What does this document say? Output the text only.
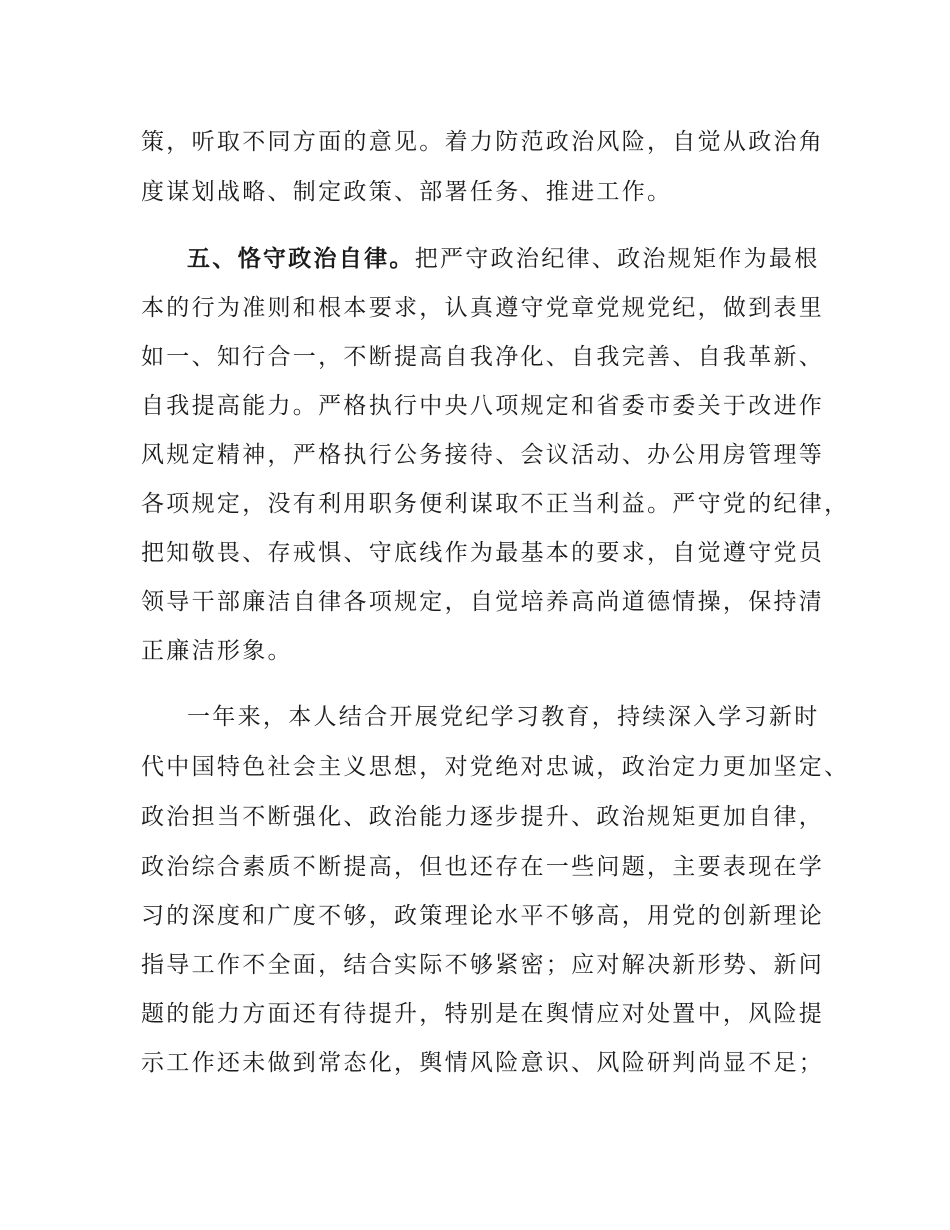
策，听取不同方面的意见。着力防范政治风险，自觉从政治角
度谋划战略、制定政策、部署任务、推进工作。
五、恪守政治自律。把严守政治纪律、政治规矩作为最根
本的行为准则和根本要求，认真遵守党章党规党纪，做到表里
如一、知行合一，不断提高自我净化、自我完善、自我革新、
自我提高能力。严格执行中央八项规定和省委市委关于改进作
风规定精神，严格执行公务接待、会议活动、办公用房管理等
各项规定，没有利用职务便利谋取不正当利益。严守党的纪律，
把知敬畏、存戒惧、守底线作为最基本的要求，自觉遵守党员
领导干部廉洁自律各项规定，自觉培养高尚道德情操，保持清
正廉洁形象。
一年来，本人结合开展党纪学习教育，持续深入学习新时
代中国特色社会主义思想，对党绝对忠诚，政治定力更加坚定、
政治担当不断强化、政治能力逐步提升、政治规矩更加自律，
政治综合素质不断提高，但也还存在一些问题，主要表现在学
习的深度和广度不够，政策理论水平不够高，用党的创新理论
指导工作不全面，结合实际不够紧密；应对解决新形势、新问
题的能力方面还有待提升，特别是在舆情应对处置中，风险提
示工作还未做到常态化，舆情风险意识、风险研判尚显不足；
